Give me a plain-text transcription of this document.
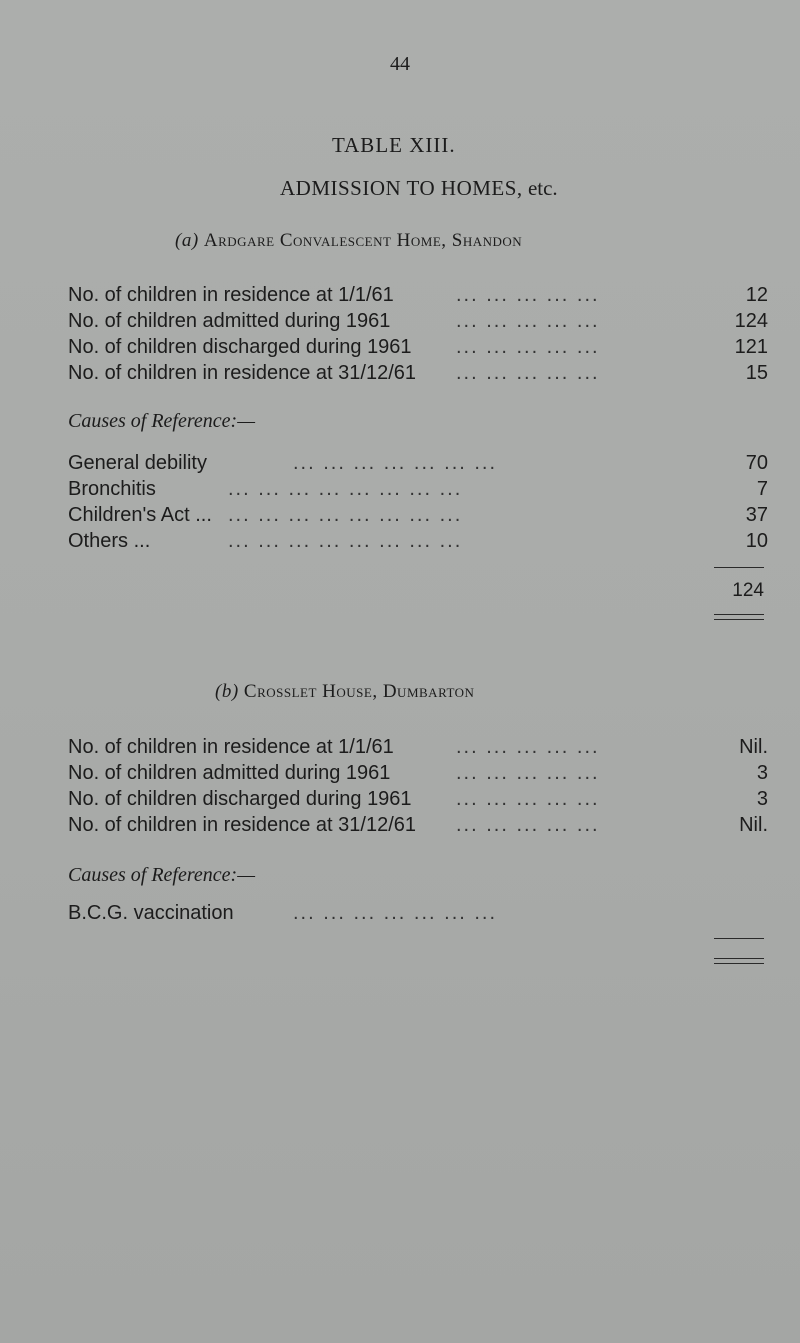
44
TABLE XIII.
ADMISSION TO HOMES, etc.
(a) Ardgare Convalescent Home, Shandon
No. of children in residence at 1/1/61	... ... ... ... ...	12
No. of children admitted during 1961	... ... ... ... ...	124
No. of children discharged during 1961 ... ... ... ... ...	121
No. of children in residence at 31/12/61 ... ... ... ... ...	15
Causes of Reference:—
General debility	... ... ... ... ... ... ...	70
Bronchitis	... ... ... ... ... ... ... ...	7
Children's Act ... ... ... ... ... ... ... ... ...	37
Others ...	... ... ... ... ... ... ... ...	10
124
(b) Crosslet House, Dumbarton
No. of children in residence at 1/1/61	... ... ... ... ...	Nil.
No. of children admitted during 1961	... ... ... ... ...	3
No. of children discharged during 1961 ... ... ... ... ...	3
No. of children in residence at 31/12/61 ... ... ... ... ...	Nil.
Causes of Reference:—
B.C.G. vaccination	... ... ... ... ... ... ...
